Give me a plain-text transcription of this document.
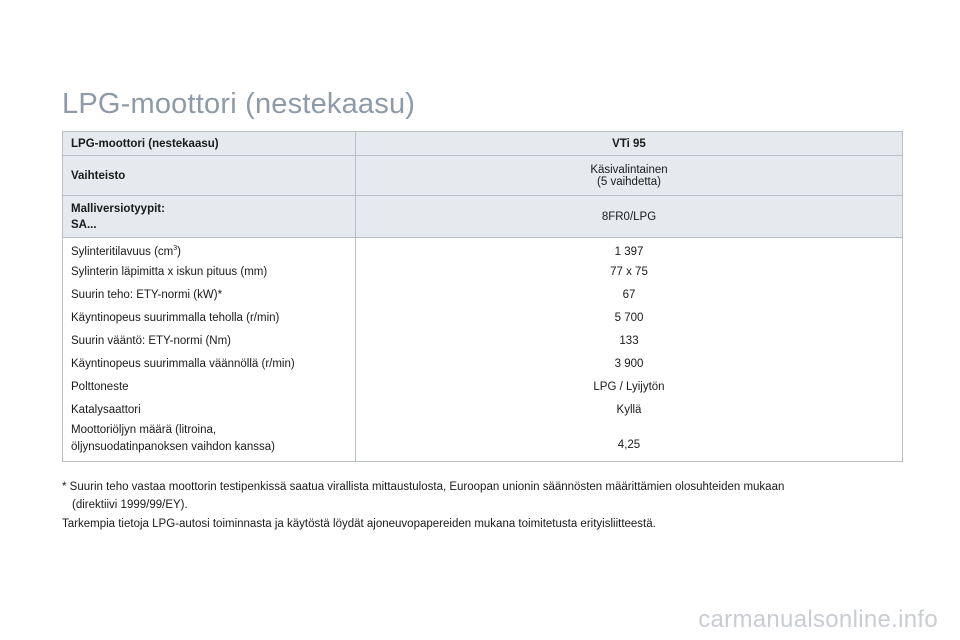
LPG-moottori (nestekaasu)
LPG-moottori (nestekaasu)	VTi 95
Vaihteisto	Käsivalintainen
(5 vaihdetta)

Malliversiotyypit:
SA...	8FR0/LPG
Sylinteritilavuus $(cm^3)$	1 397
Sylinterin läpimitta x iskun pituus (mm)	77 x 75
Suurin teho: ETY-normi (kW)*	67
Käyntinopeus suurimmalla teholla (r/min)	5 700
Suurin vääntö: ETY-normi (Nm)	133
Käyntinopeus suurimmalla väännöllä (r/min)	3 900
Polttoneste	LPG / Lyijytön
Katalysaattori	Kyllä

Moottoriöljyn määrä (litroina,
öljynsuodatinpanoksen vaihdon kanssa)	4,25

* Suurin teho vastaa moottorin testipenkissä saatua virallista mittaustulosta, Euroopan unionin säännösten määrittämien olosuhteiden mukaan
(direktiivi 1999/99/EY).

Tarkempia tietoja LPG-autosi toiminnasta ja käytöstä löydät ajoneuvopapereiden mukana toimitetusta erityisliitteestä.

carmanualsonline.info
